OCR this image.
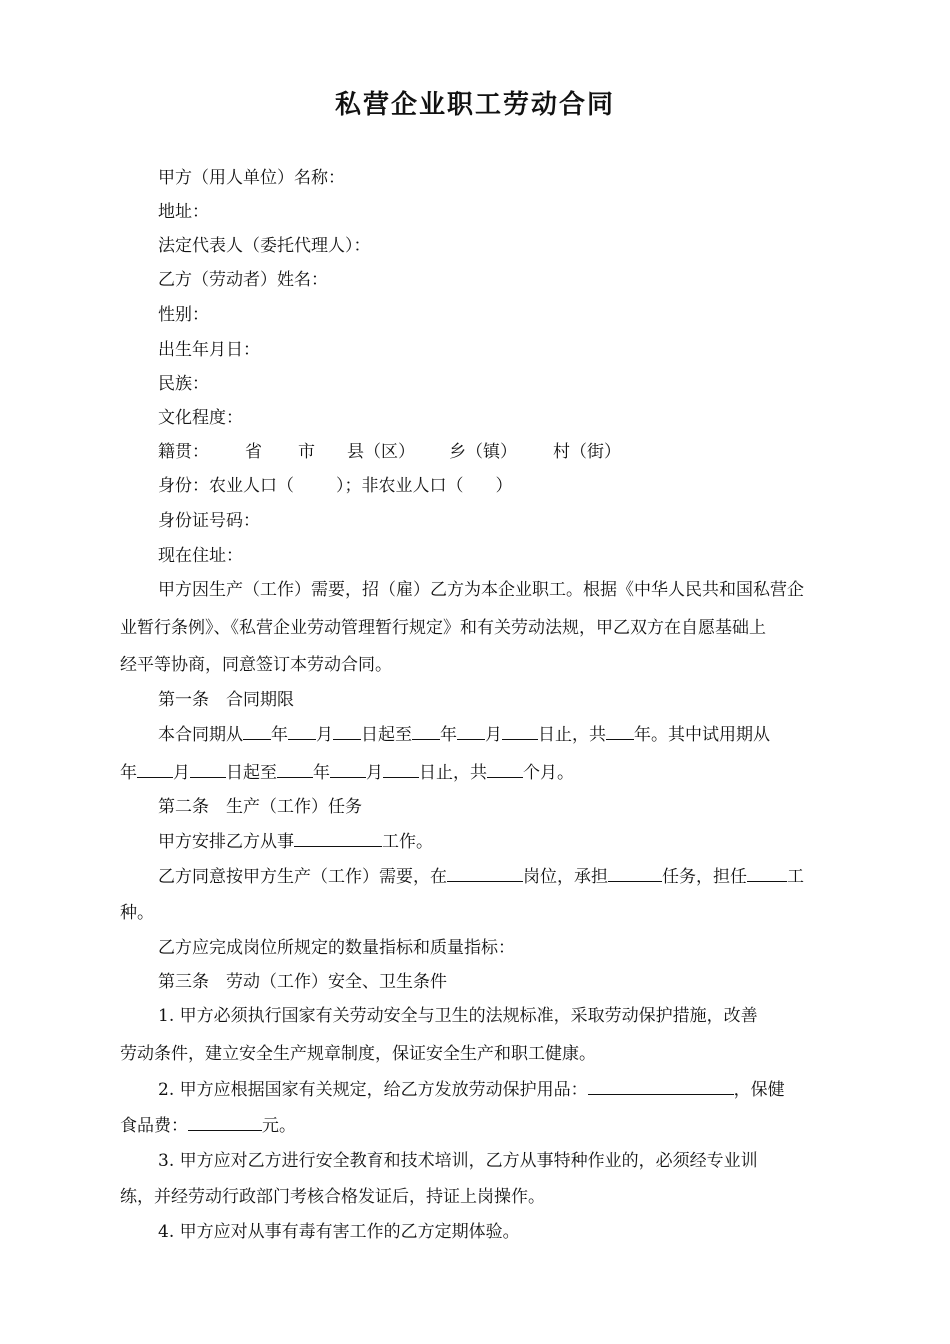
私营企业职工劳动合同
甲方（用人单位）名称：
地址：
法定代表人（委托代理人）：
乙方（劳动者）姓名：
性别：
出生年月日：
民族：
文化程度：
籍贯： 省 市 县（区） 乡（镇） 村（街）
身份：农业人口（ ）；非农业人口（ ）
身份证号码：
现在住址：
甲方因生产（工作）需要，招（雇）乙方为本企业职工。根据《中华人民共和国私营企
业暂行条例》、《私营企业劳动管理暂行规定》和有关劳动法规，甲乙双方在自愿基础上
经平等协商，同意签订本劳动合同。
第一条　合同期限
本合同期从 年 月 日起至 年 月 日止，共 年。其中试用期从
年 月 日起至 年 月 日止，共 个月。
第二条　生产（工作）任务
甲方安排乙方从事	工作。
乙方同意按甲方生产（工作）需要，在	岗位，承担	任务，担任 工
种。
乙方应完成岗位所规定的数量指标和质量指标：
第三条　劳动（工作）安全、卫生条件
1. 甲方必须执行国家有关劳动安全与卫生的法规标准，采取劳动保护措施，改善
劳动条件，建立安全生产规章制度，保证安全生产和职工健康。
2. 甲方应根据国家有关规定，给乙方发放劳动保护用品：	，保健
食品费：	元。
3. 甲方应对乙方进行安全教育和技术培训，乙方从事特种作业的，必须经专业训
练，并经劳动行政部门考核合格发证后，持证上岗操作。
4. 甲方应对从事有毒有害工作的乙方定期体验。
